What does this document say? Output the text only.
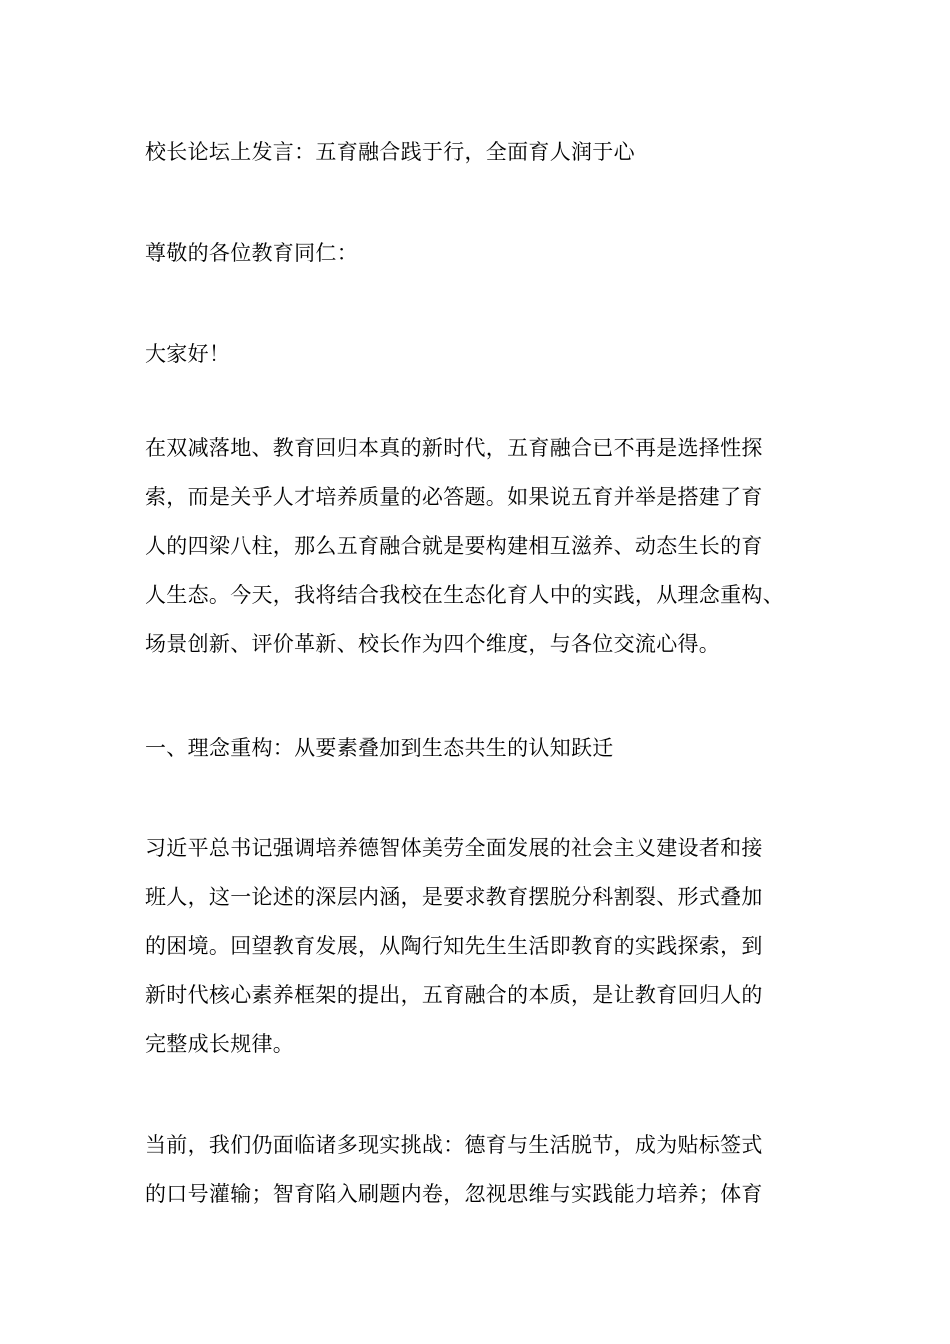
校长论坛上发言：五育融合践于行，全面育人润于心

尊敬的各位教育同仁：

大家好！

在双减落地、教育回归本真的新时代，五育融合已不再是选择性探
索，而是关乎人才培养质量的必答题。如果说五育并举是搭建了育
人的四梁八柱，那么五育融合就是要构建相互滋养、动态生长的育
人生态。今天，我将结合我校在生态化育人中的实践，从理念重构、
场景创新、评价革新、校长作为四个维度，与各位交流心得。

一、理念重构：从要素叠加到生态共生的认知跃迁

习近平总书记强调培养德智体美劳全面发展的社会主义建设者和接
班人，这一论述的深层内涵，是要求教育摆脱分科割裂、形式叠加
的困境。回望教育发展，从陶行知先生生活即教育的实践探索，到
新时代核心素养框架的提出，五育融合的本质，是让教育回归人的
完整成长规律。

当前，我们仍面临诸多现实挑战：德育与生活脱节，成为贴标签式
的口号灌输；智育陷入刷题内卷，忽视思维与实践能力培养；体育
